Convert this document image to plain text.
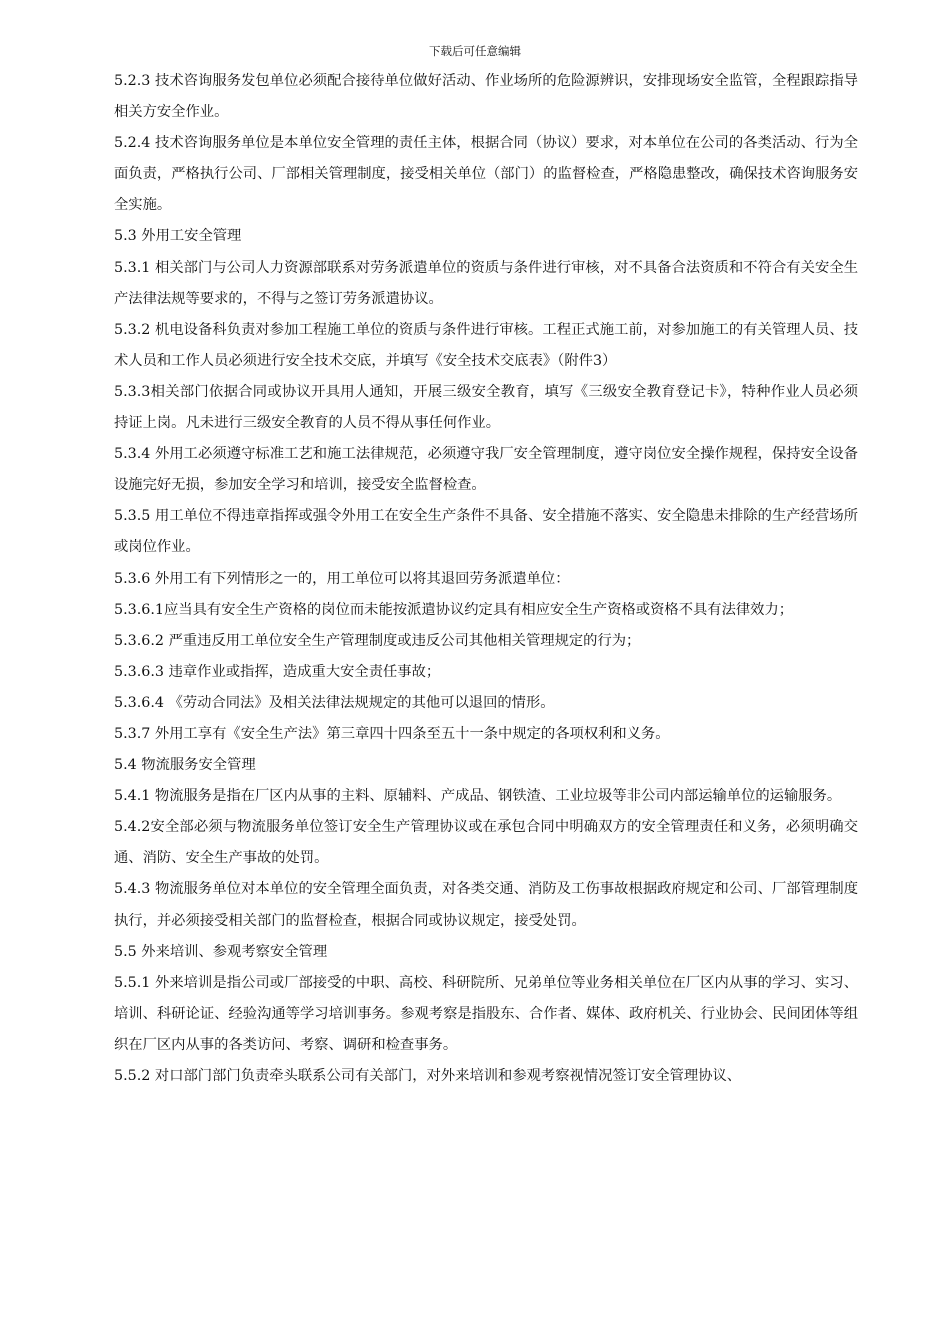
下载后可任意编辑

5.2.3 技术咨询服务发包单位必须配合接待单位做好活动、作业场所的危险源辨识，安排现场安全监管，全程跟踪指导相关方安全作业。

5.2.4 技术咨询服务单位是本单位安全管理的责任主体，根据合同（协议）要求，对本单位在公司的各类活动、行为全面负责，严格执行公司、厂部相关管理制度，接受相关单位（部门）的监督检查，严格隐患整改，确保技术咨询服务安全实施。

5.3 外用工安全管理

5.3.1 相关部门与公司人力资源部联系对劳务派遣单位的资质与条件进行审核，对不具备合法资质和不符合有关安全生产法律法规等要求的，不得与之签订劳务派遣协议。

5.3.2 机电设备科负责对参加工程施工单位的资质与条件进行审核。工程正式施工前，对参加施工的有关管理人员、技术人员和工作人员必须进行安全技术交底，并填写《安全技术交底表》（附件3）

5.3.3相关部门依据合同或协议开具用人通知，开展三级安全教育，填写《三级安全教育登记卡》，特种作业人员必须持证上岗。凡未进行三级安全教育的人员不得从事任何作业。

5.3.4 外用工必须遵守标准工艺和施工法律规范，必须遵守我厂安全管理制度，遵守岗位安全操作规程，保持安全设备设施完好无损，参加安全学习和培训，接受安全监督检查。

5.3.5 用工单位不得违章指挥或强令外用工在安全生产条件不具备、安全措施不落实、安全隐患未排除的生产经营场所或岗位作业。

5.3.6 外用工有下列情形之一的，用工单位可以将其退回劳务派遣单位：

5.3.6.1应当具有安全生产资格的岗位而未能按派遣协议约定具有相应安全生产资格或资格不具有法律效力；

5.3.6.2 严重违反用工单位安全生产管理制度或违反公司其他相关管理规定的行为；

5.3.6.3 违章作业或指挥，造成重大安全责任事故；

5.3.6.4 《劳动合同法》及相关法律法规规定的其他可以退回的情形。

5.3.7 外用工享有《安全生产法》第三章四十四条至五十一条中规定的各项权利和义务。

5.4 物流服务安全管理

5.4.1 物流服务是指在厂区内从事的主料、原辅料、产成品、钢铁渣、工业垃圾等非公司内部运输单位的运输服务。

5.4.2安全部必须与物流服务单位签订安全生产管理协议或在承包合同中明确双方的安全管理责任和义务，必须明确交通、消防、安全生产事故的处罚。

5.4.3 物流服务单位对本单位的安全管理全面负责，对各类交通、消防及工伤事故根据政府规定和公司、厂部管理制度执行，并必须接受相关部门的监督检查，根据合同或协议规定，接受处罚。

5.5 外来培训、参观考察安全管理

5.5.1 外来培训是指公司或厂部接受的中职、高校、科研院所、兄弟单位等业务相关单位在厂区内从事的学习、实习、培训、科研论证、经验沟通等学习培训事务。参观考察是指股东、合作者、媒体、政府机关、行业协会、民间团体等组织在厂区内从事的各类访问、考察、调研和检查事务。

5.5.2 对口部门部门负责牵头联系公司有关部门，对外来培训和参观考察视情况签订安全管理协议、
